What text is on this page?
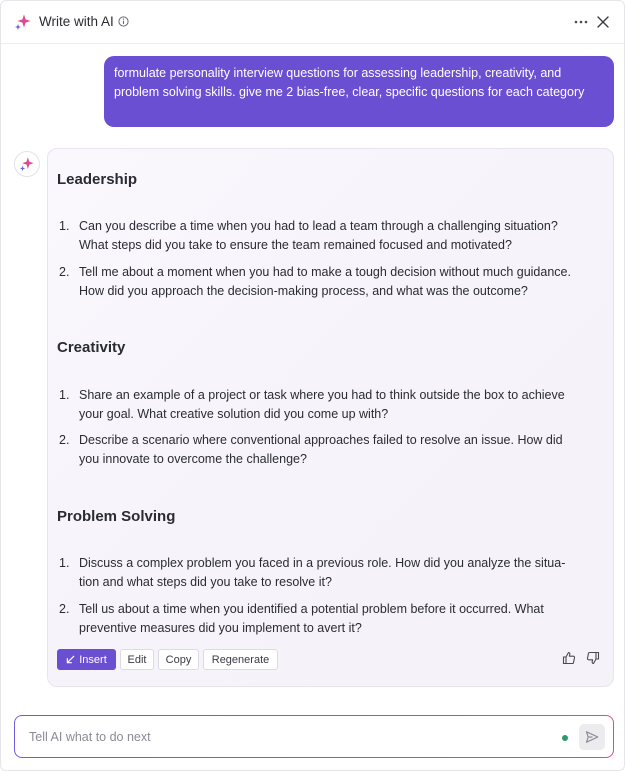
Write with AI
formulate personality interview questions for assessing leadership, creativity, and problem solving skills. give me 2 bias-free, clear, specific questions for each category
Leadership
1. Can you describe a time when you had to lead a team through a challenging situation?
What steps did you take to ensure the team remained focused and motivated?
2. Tell me about a moment when you had to make a tough decision without much guidance.
How did you approach the decision-making process, and what was the outcome?
Creativity
1. Share an example of a project or task where you had to think outside the box to achieve
your goal. What creative solution did you come up with?
2. Describe a scenario where conventional approaches failed to resolve an issue. How did
you innovate to overcome the challenge?
Problem Solving
1. Discuss a complex problem you faced in a previous role. How did you analyze the situa-
tion and what steps did you take to resolve it?
2. Tell us about a time when you identified a potential problem before it occurred. What
preventive measures did you implement to avert it?
Insert	Edit	Copy	Regenerate
Tell AI what to do next
